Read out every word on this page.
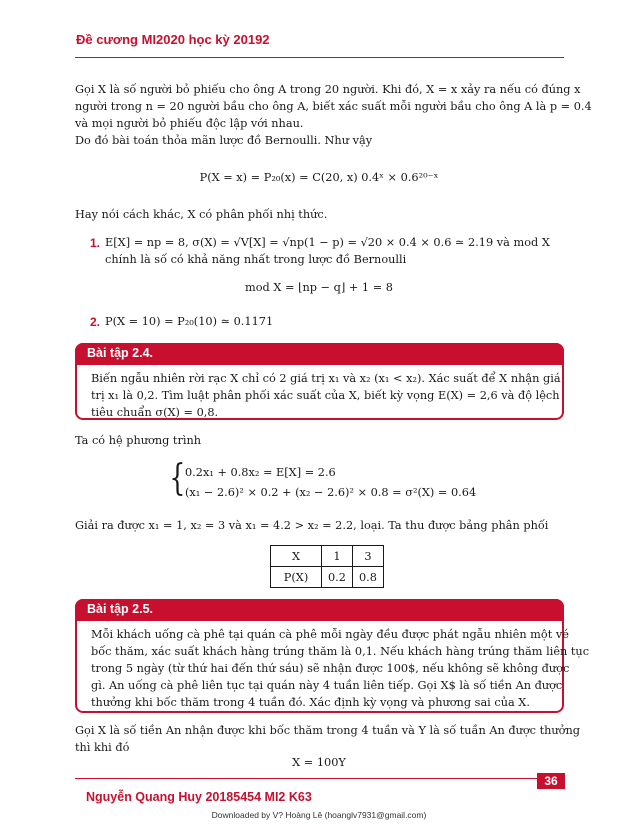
Đề cương MI2020 học kỳ 20192
Gọi X là số người bỏ phiếu cho ông A trong 20 người. Khi đó, X = x xảy ra nếu có đúng x
người trong n = 20 người bầu cho ông A, biết xác suất mỗi người bầu cho ông A là p = 0.4
và mọi người bỏ phiếu độc lập với nhau.
Do đó bài toán thỏa mãn lược đồ Bernoulli. Như vậy
P(X = x) = P₂₀(x) = C(20, x) 0.4ˣ × 0.6²⁰⁻ˣ
Hay nói cách khác, X có phân phối nhị thức.
1. E[X] = np = 8, σ(X) = √V[X] = √np(1 − p) = √20 × 0.4 × 0.6 ≃ 2.19 và mod X
chính là số có khả năng nhất trong lược đồ Bernoulli
mod X = ⌊np − q⌋ + 1 = 8
2. P(X = 10) = P₂₀(10) ≃ 0.1171
Biến ngẫu nhiên rời rạc X chỉ có 2 giá trị x₁ và x₂ (x₁ < x₂). Xác suất để X nhận giá
trị x₁ là 0,2. Tìm luật phân phối xác suất của X, biết kỳ vọng E(X) = 2,6 và độ lệch
tiêu chuẩn σ(X) = 0,8.
Bài tập 2.4.
Ta có hệ phương trình
{ 0.2x₁ + 0.8x₂ = E[X] = 2.6
(x₁ − 2.6)² × 0.2 + (x₂ − 2.6)² × 0.8 = σ²(X) = 0.64
Giải ra được x₁ = 1, x₂ = 3 và x₁ = 4.2 > x₂ = 2.2, loại. Ta thu được bảng phân phối
X	1	3
P(X)	0.2	0.8
Mỗi khách uống cà phê tại quán cà phê mỗi ngày đều được phát ngẫu nhiên một vé
bốc thăm, xác suất khách hàng trúng thăm là 0,1. Nếu khách hàng trúng thăm liên tục
trong 5 ngày (từ thứ hai đến thứ sáu) sẽ nhận được 100$, nếu không sẽ không được
gì. An uống cà phê liên tục tại quán này 4 tuần liên tiếp. Gọi X$ là số tiền An được
thưởng khi bốc thăm trong 4 tuần đó. Xác định kỳ vọng và phương sai của X.
Bài tập 2.5.
Gọi X là số tiền An nhận được khi bốc thăm trong 4 tuần và Y là số tuần An được thưởng
thì khi đó
X = 100Y
36
Nguyễn Quang Huy 20185454 MI2 K63
Downloaded by V? Hoàng Lê (hoanglv7931@gmail.com)
